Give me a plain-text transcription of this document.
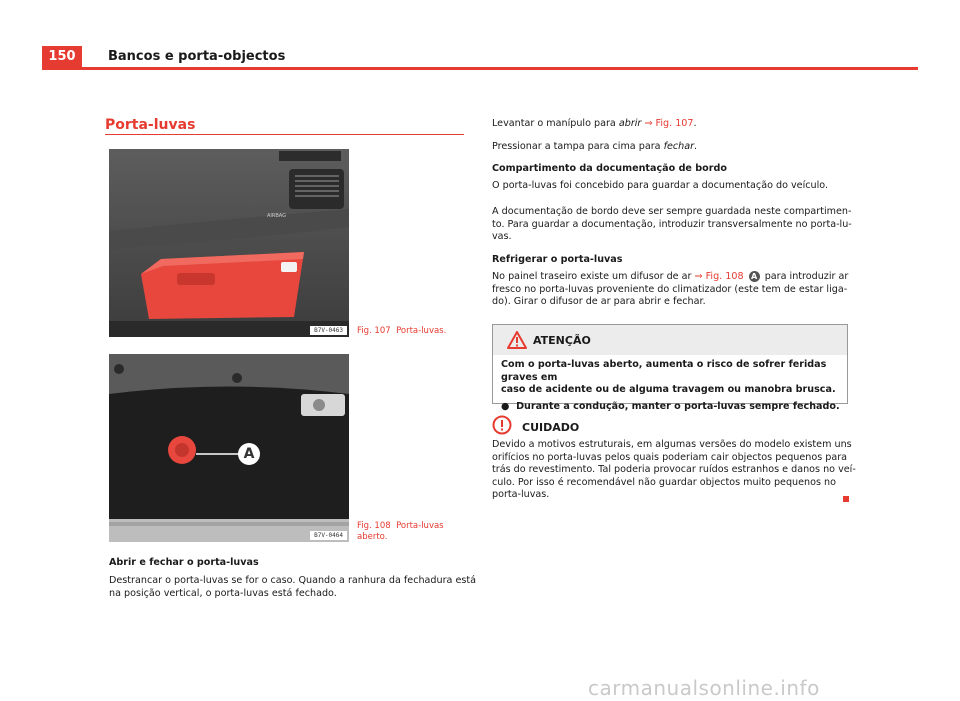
150	Bancos e porta-objectos
Porta-luvas
AIRBAG
B7V-0463	Fig. 107 Porta-luvas.
A
B7V-0464
Fig. 108 Porta-luvas
aberto.
Abrir e fechar o porta-luvas
Destrancar o porta-luvas se for o caso. Quando a ranhura da fechadura está
na posição vertical, o porta-luvas está fechado.
Levantar o manípulo para abrir ⇒ Fig. 107.
Pressionar a tampa para cima para fechar.
Compartimento da documentação de bordo
O porta-luvas foi concebido para guardar a documentação do veículo.
A documentação de bordo deve ser sempre guardada neste compartimen-
to. Para guardar a documentação, introduzir transversalmente no porta-lu-
vas.
Refrigerar o porta-luvas
No painel traseiro existe um difusor de ar ⇒ Fig. 108 A para introduzir ar
fresco no porta-luvas proveniente do climatizador (este tem de estar liga-
do). Girar o difusor de ar para abrir e fechar.
ATENÇÃO
Com o porta-luvas aberto, aumenta o risco de sofrer feridas graves em
caso de acidente ou de alguma travagem ou manobra brusca.
●  Durante a condução, manter o porta-luvas sempre fechado.
CUIDADO
Devido a motivos estruturais, em algumas versões do modelo existem uns
orifícios no porta-luvas pelos quais poderiam cair objectos pequenos para
trás do revestimento. Tal poderia provocar ruídos estranhos e danos no veí-
culo. Por isso é recomendável não guardar objectos muito pequenos no
porta-luvas.
carmanualsonline.info
